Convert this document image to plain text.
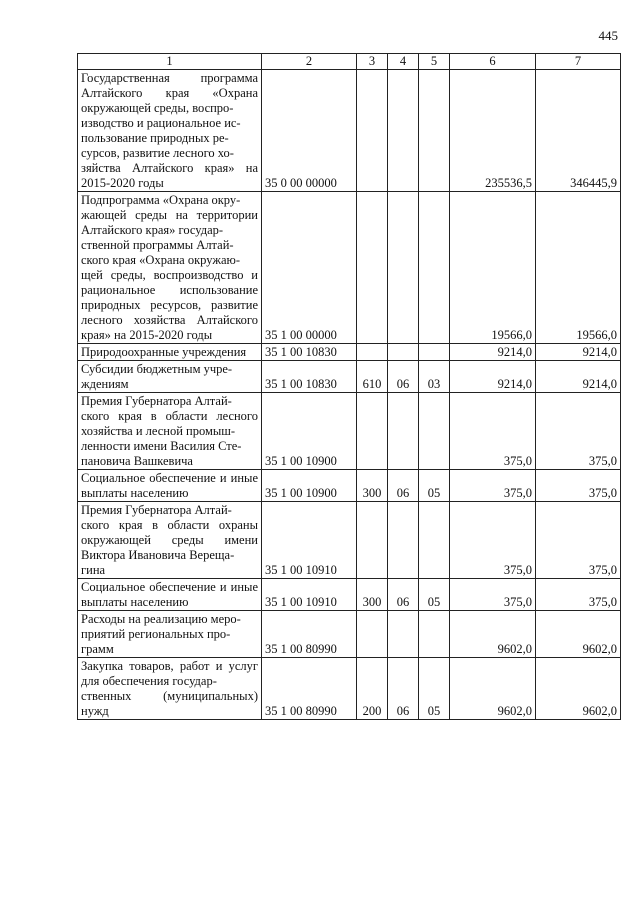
445
1	2	3	4	5	6	7

Государственная программа Алтайского края «Охрана окружающей среды, воспро-
изводство и рациональное ис-
пользование природных ре-
сурсов, развитие лесного хо-
зяйства Алтайского края» на 2015-2020 годы	35 0 00 00000				235536,5	346445,9

Подпрограмма «Охрана окру-
жающей среды на территории Алтайского края» государ-
ственной программы Алтай-
ского края «Охрана окружаю-
щей среды, воспроизводство и рациональное использование природных ресурсов, развитие лесного хозяйства Алтайского края» на 2015-2020 годы	35 1 00 00000				19566,0	19566,0

Природоохранные учреждения	35 1 00 10830				9214,0	9214,0

Субсидии бюджетным учре-
ждениям	35 1 00 10830	610	06	03	9214,0	9214,0

Премия Губернатора Алтай-
ского края в области лесного хозяйства и лесной промыш-
ленности имени Василия Сте-
пановича Вашкевича	35 1 00 10900				375,0	375,0

Социальное обеспечение и иные выплаты населению	35 1 00 10900	300	06	05	375,0	375,0

Премия Губернатора Алтай-
ского края в области охраны окружающей среды имени Виктора Ивановича Верещa-
гина	35 1 00 10910				375,0	375,0

Социальное обеспечение и иные выплаты населению	35 1 00 10910	300	06	05	375,0	375,0

Расходы на реализацию меро-
приятий региональных про-
грамм	35 1 00 80990				9602,0	9602,0

Закупка товаров, работ и услуг для обеспечения государ-
ственных (муниципальных) нужд	35 1 00 80990	200	06	05	9602,0	9602,0
